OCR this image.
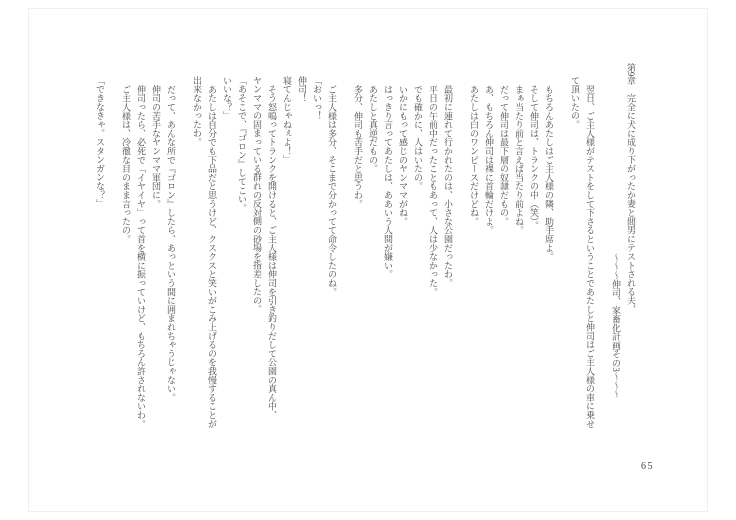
第9章　完全に犬に成り下がったか妻と間男にテストされる夫、
～～～伸司、家畜化計画その3～～～
翌日、ご主人様がテストをして下さるということであたしと伸司はご主人様の車に乗せ
て頂いたの。
もちろんあたしはご主人様の隣、助手席よ。
そして伸司は、トランクの中（笑）。
まぁ当たり前と言えば当たり前よね。
だって伸司は最下層の奴隷だもの。
あ、もちろん伸司は裸に首輪だけよ。
あたしは白のワンピースだけどね。
最初に連れて行かれたのは、小さな公園だったわ。
平日の午前中だったこともあって、人は少なかった。
でも確かに、人はいたの。
いかにもって感じのヤンママがね。
はっきり言ってあたしは、ああいう人間が嫌い。
あたしと真逆だもの。
多分、伸司も苦手だと思うわ。
ご主人様は多分、そこまで分かってて命令したのね。
「おいっ！
伸司！
寝てんじゃねぇよ！」
そう怒鳴ってトランクを開けると、ご主人様は伸司を引き釣りだして公園の真ん中、
ヤンママの固まっている群れの反対側の砂場を指差したの。
「あそこで、『ゴロン』してこい。
いいな？」
あたしは自分でも下品だと思うけど、クスクスと笑いがこみ上げるのを我慢することが
出来なかったわ。
だって、あんな所で『ゴロン』したら、あっという間に囲まれちゃうじゃない。
伸司の苦手なヤンママ軍団に。
伸司ったら、必死で「イヤイヤ」って首を横に振っていけど、もちろん許されないわ。
ご主人様は、冷徹な目のまま言ったの。
「できなきゃ。スタンガンな？」
65
